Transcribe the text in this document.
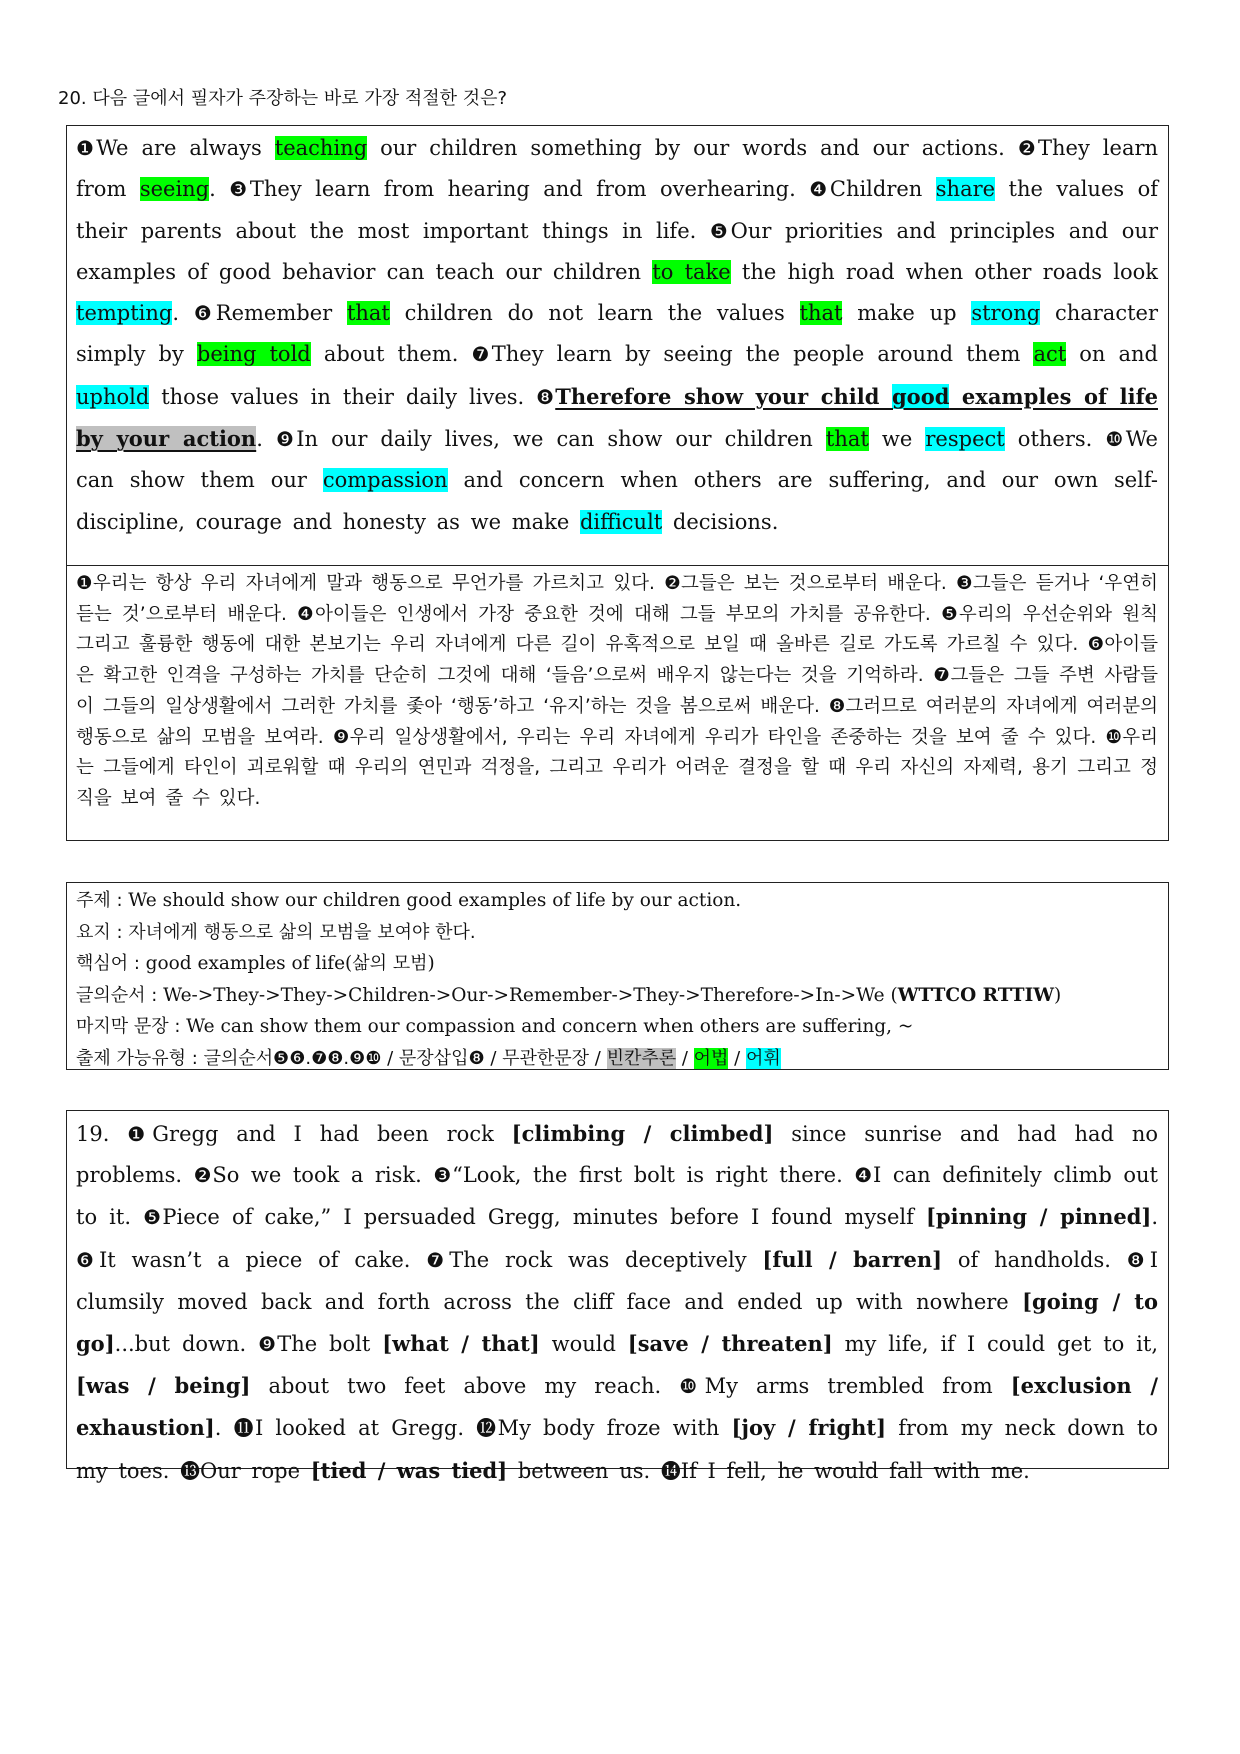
20. 다음 글에서 필자가 주장하는 바로 가장 적절한 것은?
❶We are always teaching our children something by our words and our actions. ❷They learn from seeing. ❸They learn from hearing and from overhearing. ❹Children share the values of their parents about the most important things in life. ❺Our priorities and principles and our examples of good behavior can teach our children to take the high road when other roads look tempting. ❻Remember that children do not learn the values that make up strong character simply by being told about them. ❼They learn by seeing the people around them act on and uphold those values in their daily lives. ❽Therefore show your child good examples of life by your action. ❾In our daily lives, we can show our children that we respect others. ❿We can show them our compassion and concern when others are suffering, and our own self-discipline, courage and honesty as we make difficult decisions.
❶우리는 항상 우리 자녀에게 말과 행동으로 무언가를 가르치고 있다. ❷그들은 보는 것으로부터 배운다. ❸그들은 듣거나 ‘우연히 듣는 것’으로부터 배운다. ❹아이들은 인생에서 가장 중요한 것에 대해 그들 부모의 가치를 공유한다. ❺우리의 우선순위와 원칙 그리고 훌륭한 행동에 대한 본보기는 우리 자녀에게 다른 길이 유혹적으로 보일 때 올바른 길로 가도록 가르칠 수 있다. ❻아이들은 확고한 인격을 구성하는 가치를 단순히 그것에 대해 ‘들음’으로써 배우지 않는다는 것을 기억하라. ❼그들은 그들 주변 사람들이 그들의 일상생활에서 그러한 가치를 좇아 ‘행동’하고 ‘유지’하는 것을 봄으로써 배운다. ❽그러므로 여러분의 자녀에게 여러분의 행동으로 삶의 모범을 보여라. ❾우리 일상생활에서, 우리는 우리 자녀에게 우리가 타인을 존중하는 것을 보여 줄 수 있다. ❿우리는 그들에게 타인이 괴로워할 때 우리의 연민과 걱정을, 그리고 우리가 어려운 결정을 할 때 우리 자신의 자제력, 용기 그리고 정직을 보여 줄 수 있다.
주제 : We should show our children good examples of life by our action.
요지 : 자녀에게 행동으로 삶의 모범을 보여야 한다.
핵심어 : good examples of life(삶의 모범)
글의순서 : We->They->They->Children->Our->Remember->They->Therefore->In->We (WTTCO RTTIW)
마지막 문장 : We can show them our compassion and concern when others are suffering, ~
출제 가능유형 : 글의순서❺❻.❼❽.❾❿ / 문장삽입❽ / 무관한문장 / 빈칸추론 / 어법 / 어휘
19. ❶Gregg and I had been rock [climbing / climbed] since sunrise and had had no problems. ❷So we took a risk. ❸“Look, the first bolt is right there. ❹I can definitely climb out to it. ❺Piece of cake,” I persuaded Gregg, minutes before I found myself [pinning / pinned]. ❻It wasn’t a piece of cake. ❼The rock was deceptively [full / barren] of handholds. ❽I clumsily moved back and forth across the cliff face and ended up with nowhere [going / to go]...but down. ❾The bolt [what / that] would [save / threaten] my life, if I could get to it, [was / being] about two feet above my reach. ❿My arms trembled from [exclusion / exhaustion]. ⓫I looked at Gregg. ⓬My body froze with [joy / fright] from my neck down to my toes. ⓭Our rope [tied / was tied] between us. ⓮If I fell, he would fall with me.
